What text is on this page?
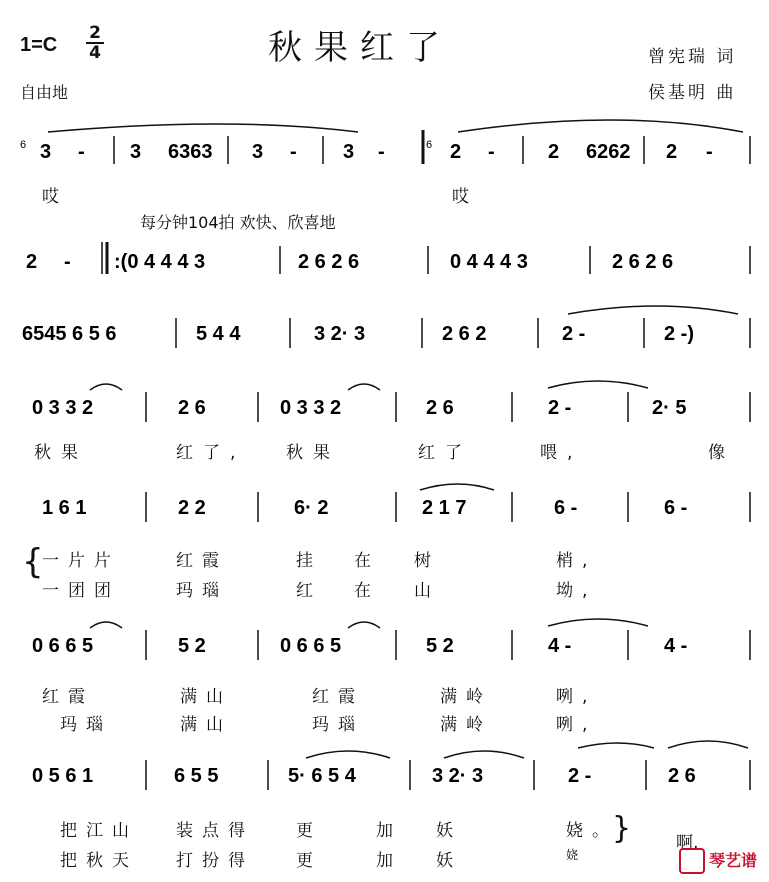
1=C
2
4	秋果红了	曾宪瑞 词
侯基明 曲
自由地
6 3 - 3 6363 3 - 3 -	6 2 -	2 6262 2 -
哎	哎
每分钟104拍 欢快、欣喜地
2 - :(0 4 4 4 3	2 6 2 6	0 4 4 4 3	2 6 2 6
6545 6 5 6	5 4 4	3 2· 3	2 6 2	2 -	2 -)
0 3 3 2	2 6	0 3 3 2	2 6	2 -	2· 5
秋果	红了, 秋果	红了	喂,	像
1 6 1	2 2	6· 2	2 1 7	6 -	6 -
{
一片片	红霞	挂 在 树	梢,
一团团	玛瑙	红 在 山	坳,
0 6 6 5	5 2	0 6 6 5	5 2	4 -	4 -
红霞	满山	红霞	满岭	咧,
玛瑙	满山	玛瑙	满岭	咧,
0 5 6 1	6 5 5	5· 6 5 4	3 2· 3	2 -	2 6
把江山 装点得 更	加 妖	娆。
}	啊,
把秋天 打扮得 更	加 妖	娆	琴艺谱
